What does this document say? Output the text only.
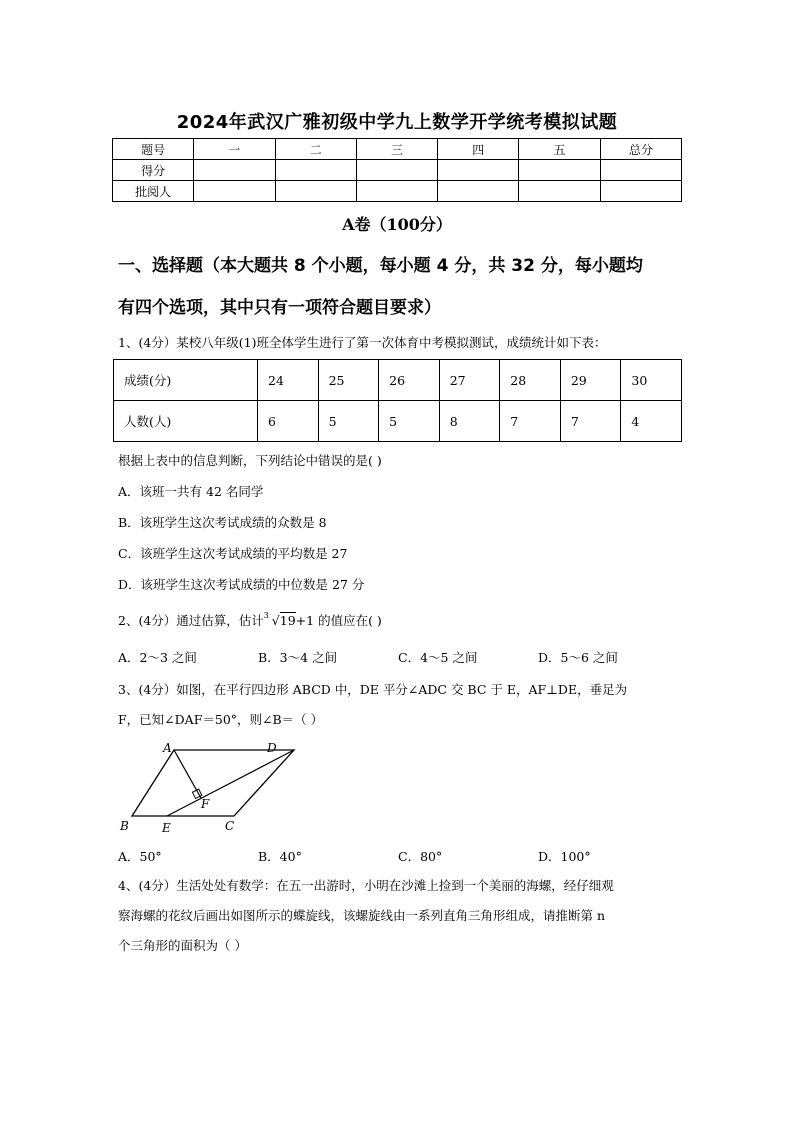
2024年武汉广雅初级中学九上数学开学统考模拟试题
题号	一	二	三	四	五	总分
得分						
批阅人						
A卷（100分）
一、选择题（本大题共 8 个小题，每小题 4 分，共 32 分，每小题均
有四个选项，其中只有一项符合题目要求）
1、(4分）某校八年级(1)班全体学生进行了第一次体育中考模拟测试，成绩统计如下表：
成绩(分)	24	25	26	27	28	29	30
人数(人)	6	5	5	8	7	7	4
根据上表中的信息判断，下列结论中错误的是( )
A．该班一共有 42 名同学
B．该班学生这次考试成绩的众数是 8
C．该班学生这次考试成绩的平均数是 27
D．该班学生这次考试成绩的中位数是 27 分
2、(4分）通过估算，估计 3 √19+1 的值应在( )
A．2～3 之间	B．3～4 之间	C．4～5 之间	D．5～6 之间
3、(4分）如图，在平行四边形 ABCD 中，DE 平分∠ADC 交 BC 于 E，AF⊥DE，垂足为
F，已知∠DAF＝50°，则∠B＝（ ）
A	D
F
B	E	C
A．50°	B．40°	C．80°	D．100°
4、(4分）生活处处有数学：在五一出游时，小明在沙滩上捡到一个美丽的海螺，经仔细观
察海螺的花纹后画出如图所示的蝶旋线，该螺旋线由一系列直角三角形组成，请推断第 n
个三角形的面积为（ ）
